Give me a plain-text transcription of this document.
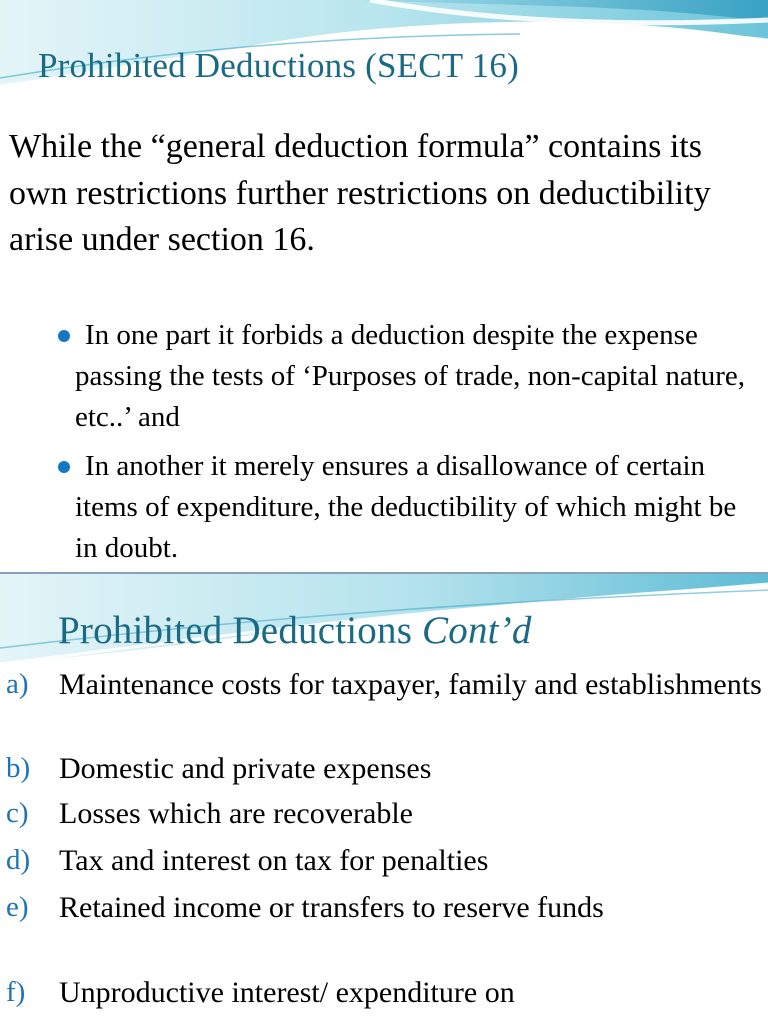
Prohibited Deductions (SECT 16)

While the “general deduction formula” contains its own restrictions further restrictions on deductibility arise under section 16.

In one part it forbids a deduction despite the expense passing the tests of ‘Purposes of trade, non-capital nature, etc..’ and
In another it merely ensures a disallowance of certain items of expenditure, the deductibility of which might be in doubt.
Prohibited Deductions Cont’d
a) Maintenance costs for taxpayer, family and establishments
b) Domestic and private expenses
c) Losses which are recoverable
d) Tax and interest on tax for penalties
e) Retained income or transfers to reserve funds
f) Unproductive interest/ expenditure on
